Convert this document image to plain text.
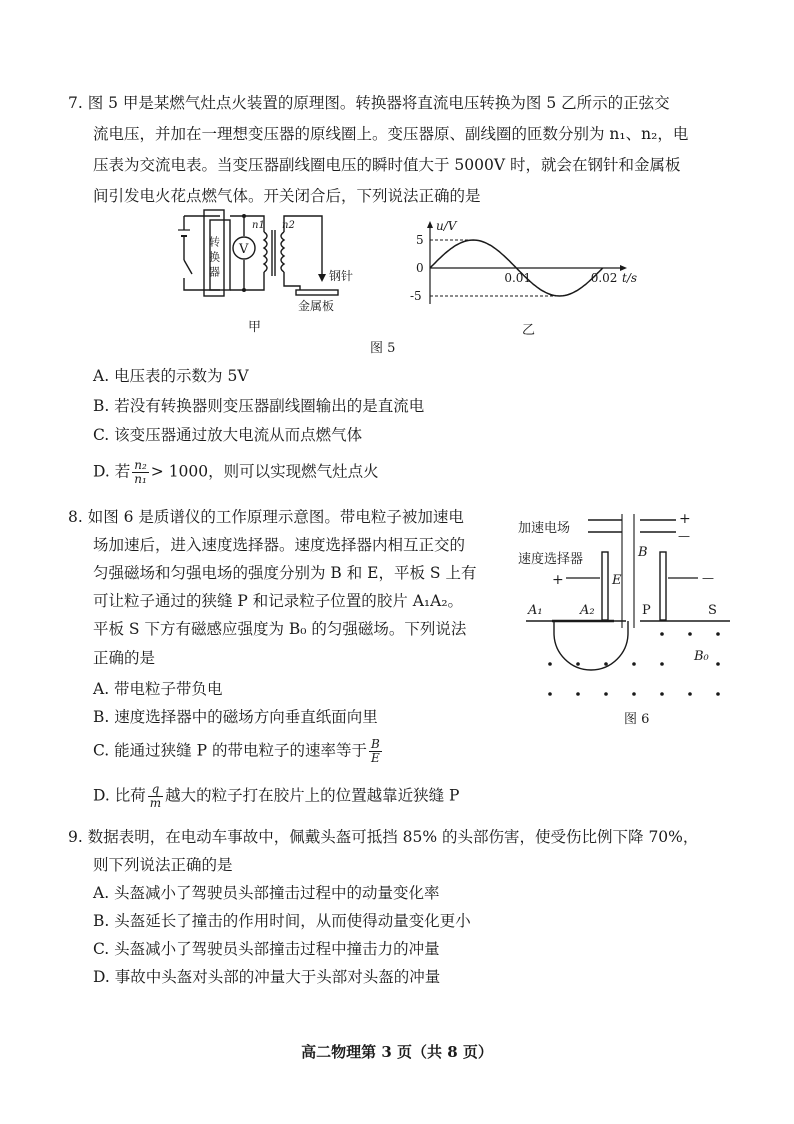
7. 图 5 甲是某燃气灶点火装置的原理图。转换器将直流电压转换为图 5 乙所示的正弦交
流电压，并加在一理想变压器的原线圈上。变压器原、副线圈的匝数分别为 n₁、n₂，电
压表为交流电表。当变压器副线圈电压的瞬时值大于 5000V 时，就会在钢针和金属板
间引发电火花点燃气体。开关闭合后，下列说法正确的是
转换器 V
n1 n2
钢针
金属板
甲
u/V
t/s
5
0
-5
0.01	0.02
乙
图 5
A. 电压表的示数为 5V
B. 若没有转换器则变压器副线圈输出的是直流电
C. 该变压器通过放大电流从而点燃气体
D. 若 $\frac{\text{n₂}}{\text{n₁}} > 1000$，则可以实现燃气灶点火
8. 如图 6 是质谱仪的工作原理示意图。带电粒子被加速电
场加速后，进入速度选择器。速度选择器内相互正交的
匀强磁场和匀强电场的强度分别为 B 和 E，平板 S 上有
可让粒子通过的狭缝 P 和记录粒子位置的胶片 A₁A₂。
平板 S 下方有磁感应强度为 B₀ 的匀强磁场。下列说法
正确的是
+
—
+	—
加速电场
速度选择器	B
E
A₁	A₂	P	S
B₀
图 6
A. 带电粒子带负电
B. 速度选择器中的磁场方向垂直纸面向里
C. 能通过狭缝 P 的带电粒子的速率等于 $\frac{B}{E}$
D. 比荷 $\frac{q}{m}$ 越大的粒子打在胶片上的位置越靠近狭缝 P
9. 数据表明，在电动车事故中，佩戴头盔可抵挡 85% 的头部伤害，使受伤比例下降 70%，
则下列说法正确的是
A. 头盔减小了驾驶员头部撞击过程中的动量变化率
B. 头盔延长了撞击的作用时间，从而使得动量变化更小
C. 头盔减小了驾驶员头部撞击过程中撞击力的冲量
D. 事故中头盔对头部的冲量大于头部对头盔的冲量
高二物理第 3 页（共 8 页）
